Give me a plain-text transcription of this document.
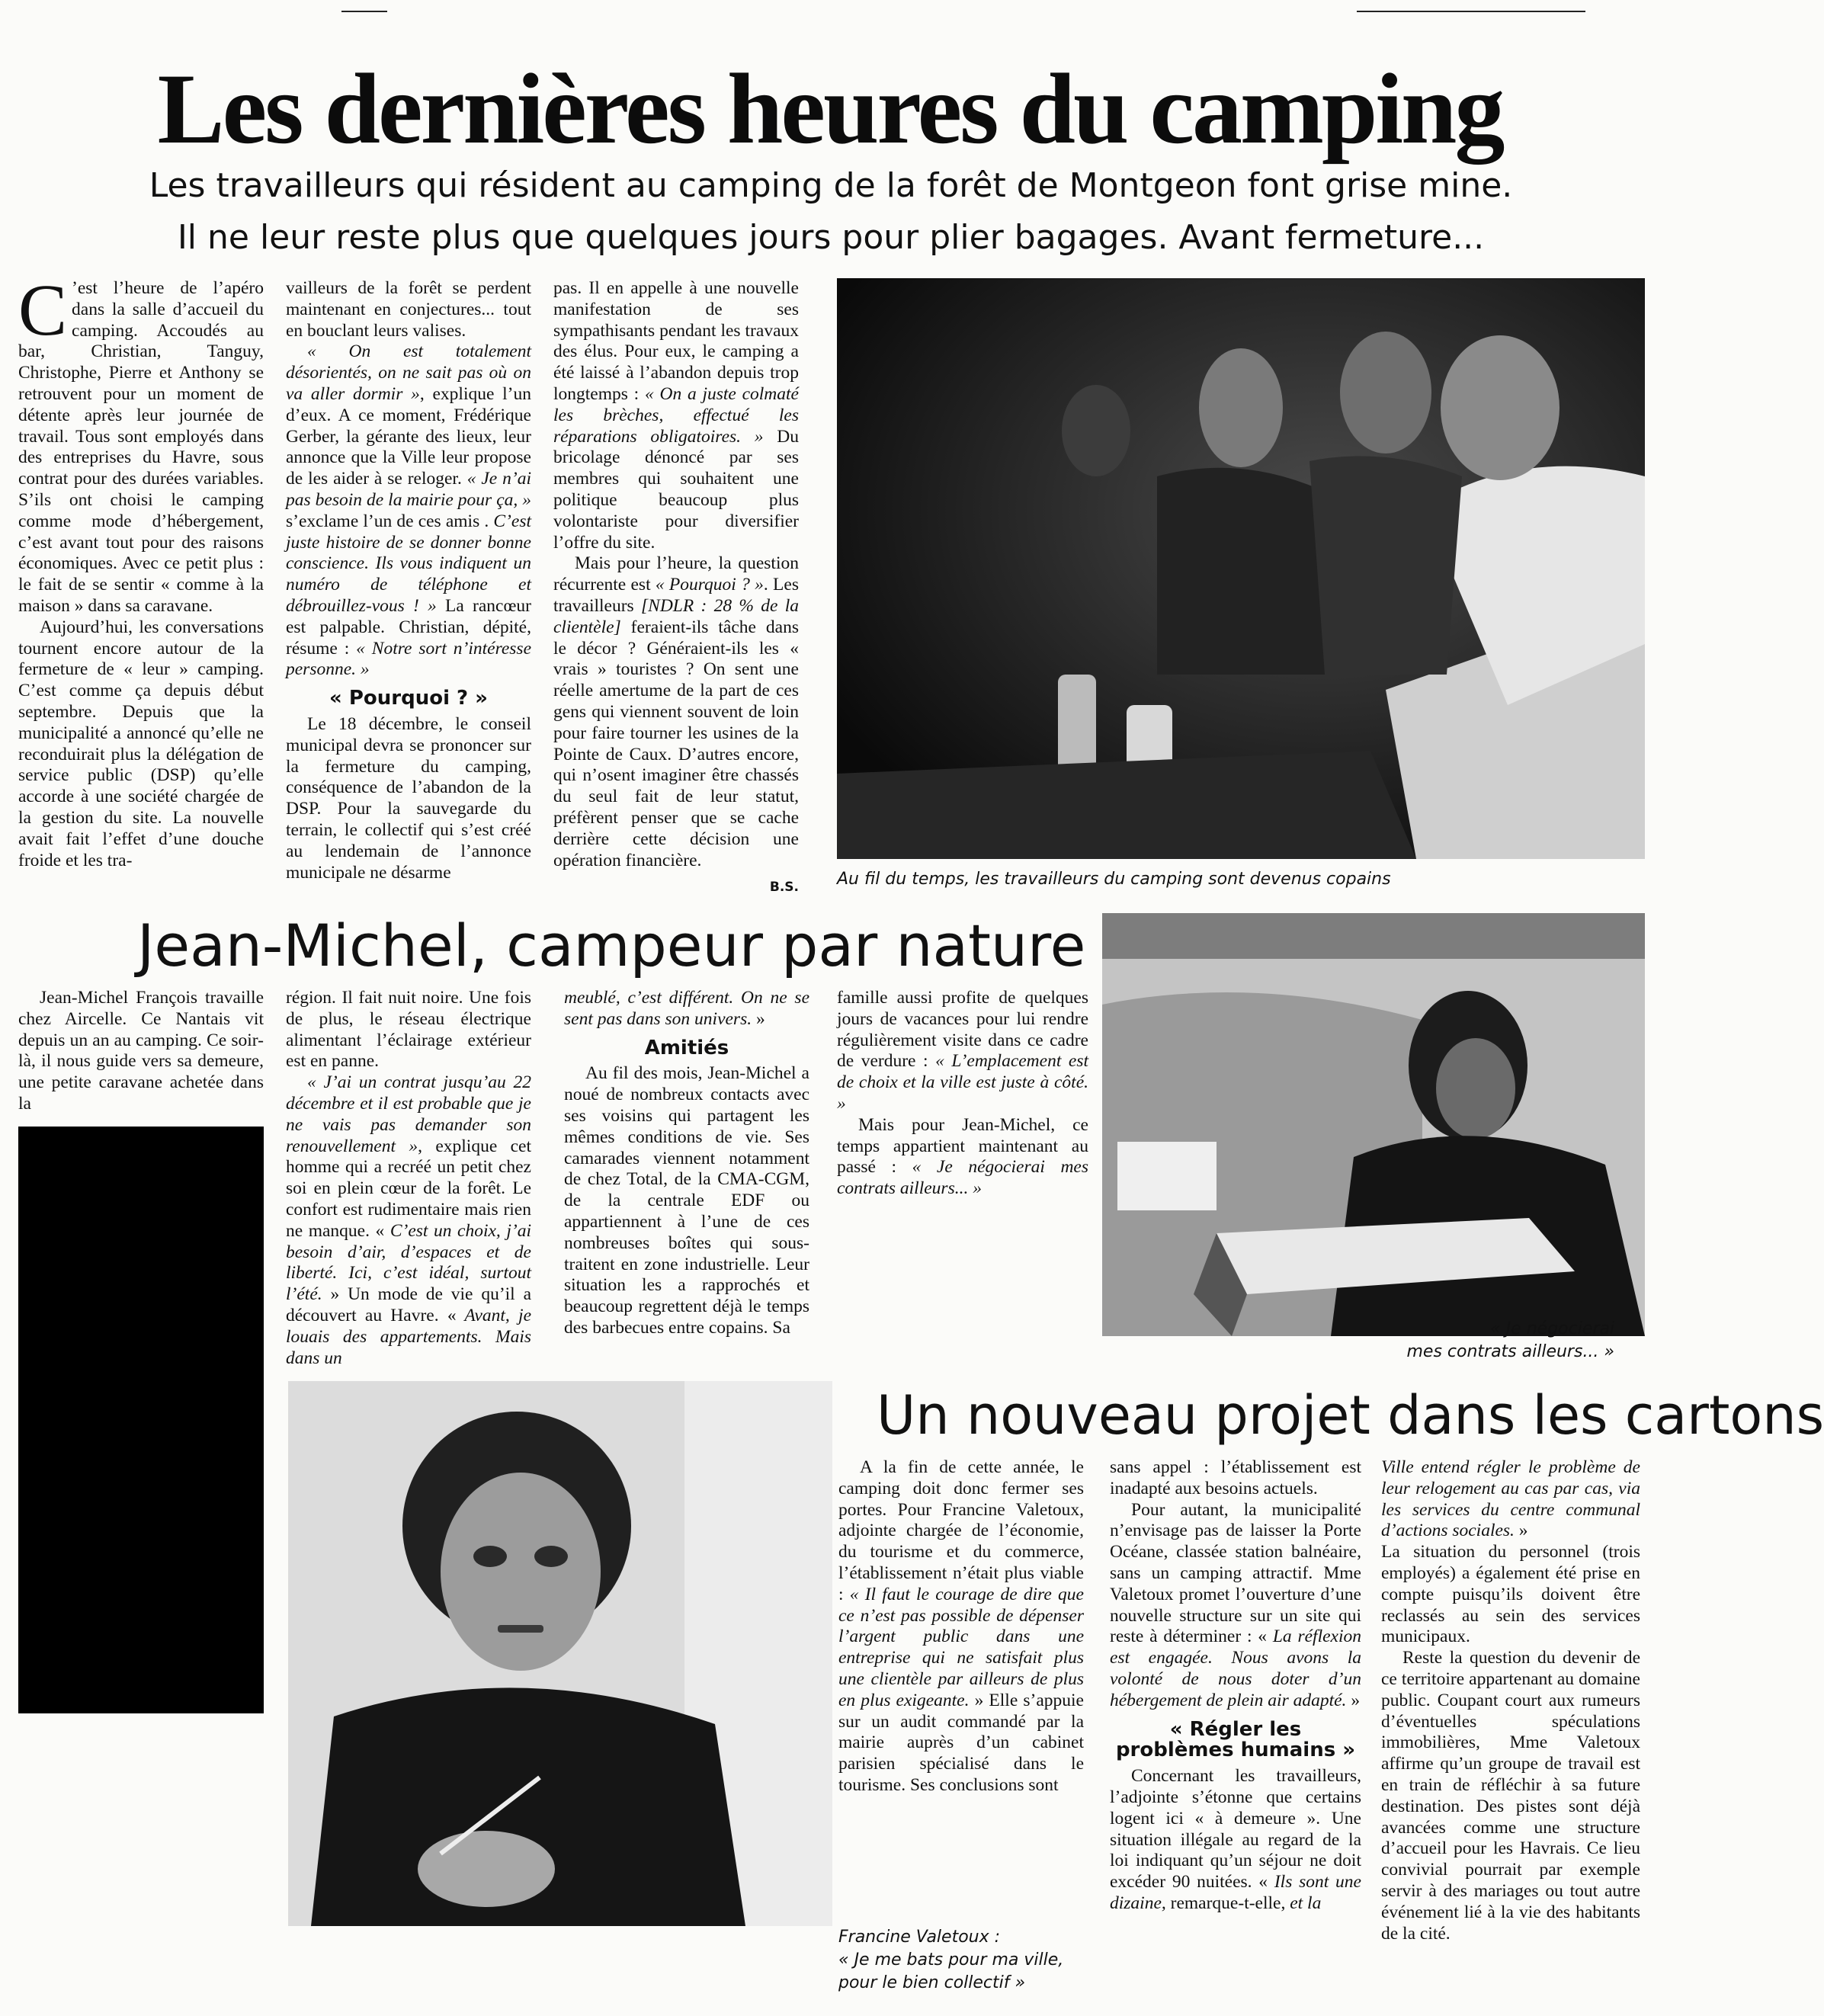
Les dernières heures du camping
Les travailleurs qui résident au camping de la forêt de Montgeon font grise mine.
Il ne leur reste plus que quelques jours pour plier bagages. Avant fermeture...

C ’est l’heure de l’apéro dans la salle d’accueil du camping. Accoudés au bar, Christian, Tanguy, Christophe, Pierre et Anthony se retrouvent pour un moment de détente après leur journée de travail. Tous sont employés dans des entreprises du Havre, sous contrat pour des durées variables. S’ils ont choisi le camping comme mode d’hébergement, c’est avant tout pour des raisons économiques. Avec ce petit plus : le fait de se sentir « comme à la maison » dans sa caravane.

Aujourd’hui, les conversations tournent encore autour de la fermeture de « leur » camping. C’est comme ça depuis début septembre. Depuis que la municipalité a annoncé qu’elle ne reconduirait plus la délégation de service public (DSP) qu’elle accorde à une société chargée de la gestion du site. La nouvelle avait fait l’effet d’une douche froide et les tra-

vailleurs de la forêt se perdent maintenant en conjectures... tout en bouclant leurs valises.

« On est totalement désorientés, on ne sait pas où on va aller dormir », explique l’un d’eux. A ce moment, Frédérique Gerber, la gérante des lieux, leur annonce que la Ville leur propose de les aider à se reloger. « Je n’ai pas besoin de la mairie pour ça, » s’exclame l’un de ces amis . C’est juste histoire de se donner bonne conscience. Ils vous indiquent un numéro de téléphone et débrouillez-vous ! » La rancœur est palpable. Christian, dépité, résume : « Notre sort n’intéresse personne. »

« Pourquoi ? »

Le 18 décembre, le conseil municipal devra se prononcer sur la fermeture du camping, conséquence de l’abandon de la DSP. Pour la sauvegarde du terrain, le collectif qui s’est créé au lendemain de l’annonce municipale ne désarme

pas. Il en appelle à une nouvelle manifestation de ses sympathisants pendant les travaux des élus. Pour eux, le camping a été laissé à l’abandon depuis trop longtemps : « On a juste colmaté les brèches, effectué les réparations obligatoires. » Du bricolage dénoncé par ses membres qui souhaitent une politique beaucoup plus volontariste pour diversifier l’offre du site.

Mais pour l’heure, la question récurrente est « Pourquoi ? ». Les travailleurs [NDLR : 28 % de la clientèle] feraient-ils tâche dans le décor ? Généraient-ils les « vrais » touristes ? On sent une réelle amertume de la part de ces gens qui viennent souvent de loin pour faire tourner les usines de la Pointe de Caux. D’autres encore, qui n’osent imaginer être chassés du seul fait de leur statut, préfèrent penser que se cache derrière cette décision une opération financière.

B.S. Au fil du temps, les travailleurs du camping sont devenus copains
Jean-Michel, campeur par nature

Jean-Michel François travaille chez Aircelle. Ce Nantais vit depuis un an au camping. Ce soir-là, il nous guide vers sa demeure, une petite caravane achetée dans la

région. Il fait nuit noire. Une fois de plus, le réseau électrique alimentant l’éclairage extérieur est en panne.

« J’ai un contrat jusqu’au 22 décembre et il est probable que je ne vais pas demander son renouvellement », explique cet homme qui a recréé un petit chez soi en plein cœur de la forêt. Le confort est rudimentaire mais rien ne manque. « C’est un choix, j’ai besoin d’air, d’espaces et de liberté. Ici, c’est idéal, surtout l’été. » Un mode de vie qu’il a découvert au Havre. « Avant, je louais des appartements. Mais dans un

meublé, c’est différent. On ne se sent pas dans son univers. »

Amitiés

Au fil des mois, Jean-Michel a noué de nombreux contacts avec ses voisins qui partagent les mêmes conditions de vie. Ses camarades viennent notamment de chez Total, de la CMA-CGM, de la centrale EDF ou appartiennent à l’une de ces nombreuses boîtes qui sous-traitent en zone industrielle. Leur situation les a rapprochés et beaucoup regrettent déjà le temps des barbecues entre copains. Sa

famille aussi profite de quelques jours de vacances pour lui rendre régulièrement visite dans ce cadre de verdure : « L’emplacement est de choix et la ville est juste à côté. »

Mais pour Jean-Michel, ce temps appartient maintenant au passé : « Je négocierai mes contrats ailleurs... »

« Je négocierai
mes contrats ailleurs... »
Francine Valetoux :
« Je me bats pour ma ville,
pour le bien collectif »
Un nouveau projet dans les cartons

A la fin de cette année, le camping doit donc fermer ses portes. Pour Francine Valetoux, adjointe chargée de l’économie, du tourisme et du commerce, l’établissement n’était plus viable : « Il faut le courage de dire que ce n’est pas possible de dépenser l’argent public dans une entreprise qui ne satisfait plus une clientèle par ailleurs de plus en plus exigeante. » Elle s’appuie sur un audit commandé par la mairie auprès d’un cabinet parisien spécialisé dans le tourisme. Ses conclusions sont

sans appel : l’établissement est inadapté aux besoins actuels.

Pour autant, la municipalité n’envisage pas de laisser la Porte Océane, classée station balnéaire, sans un camping attractif. Mme Valetoux promet l’ouverture d’une nouvelle structure sur un site qui reste à déterminer : « La réflexion est engagée. Nous avons la volonté de nous doter d’un hébergement de plein air adapté. »

« Régler les problèmes humains »

Concernant les travailleurs, l’adjointe s’étonne que certains logent ici « à demeure ». Une situation illégale au regard de la loi indiquant qu’un séjour ne doit excéder 90 nuitées. « Ils sont une dizaine, remarque-t-elle, et la

Ville entend régler le problème de leur relogement au cas par cas, via les services du centre communal d’actions sociales. »

La situation du personnel (trois employés) a également été prise en compte puisqu’ils doivent être reclassés au sein des services municipaux.

Reste la question du devenir de ce territoire appartenant au domaine public. Coupant court aux rumeurs d’éventuelles spéculations immobilières, Mme Valetoux affirme qu’un groupe de travail est en train de réfléchir à sa future destination. Des pistes sont déjà avancées comme une structure d’accueil pour les Havrais. Ce lieu convivial pourrait par exemple servir à des mariages ou tout autre événement lié à la vie des habitants de la cité.
